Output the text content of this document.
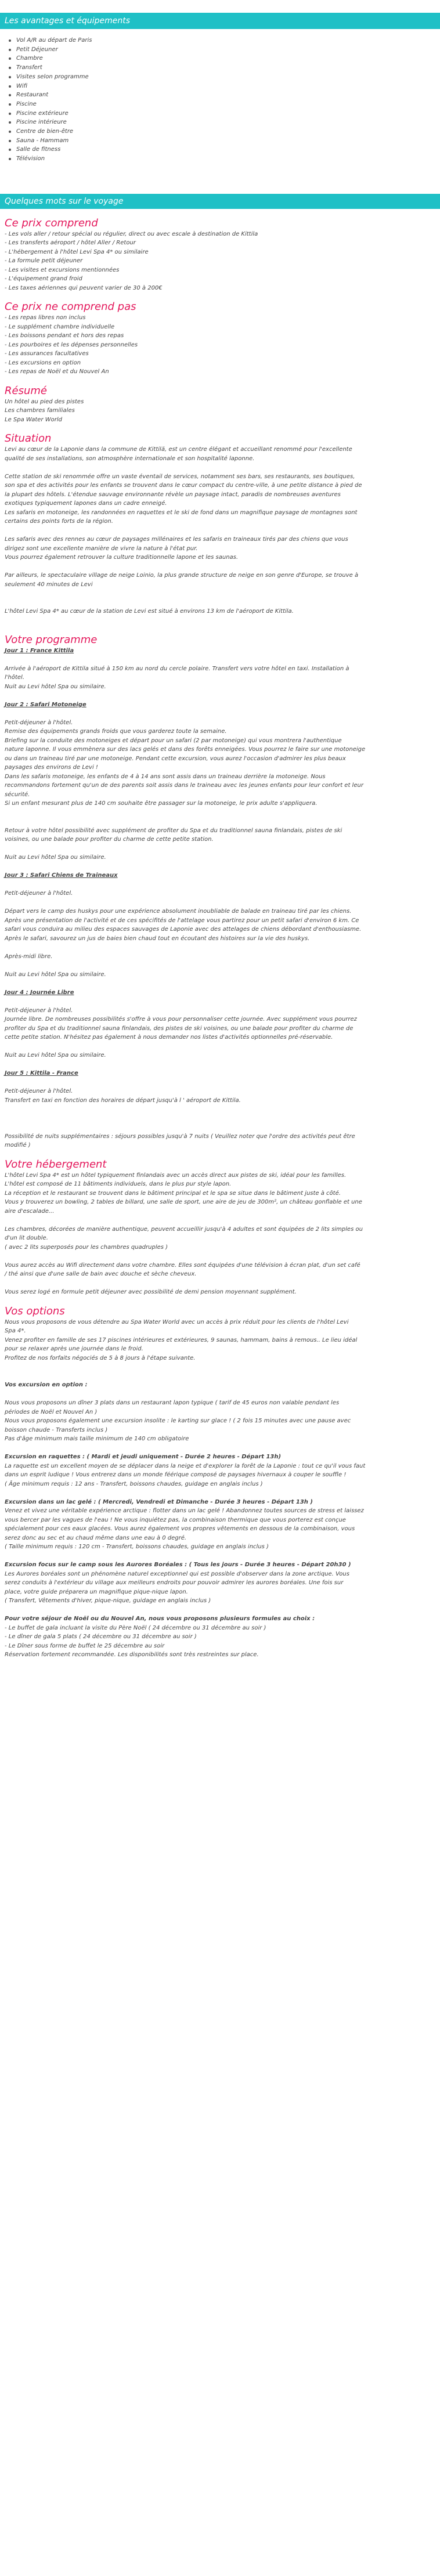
Les avantages et équipements
Vol A/R au départ de Paris
Petit Déjeuner
Chambre
Transfert
Visites selon programme
Wifi
Restaurant
Piscine
Piscine extérieure
Piscine intérieure
Centre de bien-être
Sauna - Hammam
Salle de fitness
Télévision
Quelques mots sur le voyage
Ce prix comprend

- Les vols aller / retour spécial ou régulier, direct ou avec escale à destination de Kittila

- Les transferts aéroport / hôtel Aller / Retour

- L'hébergement à l'hôtel Levi Spa 4* ou similaire

- La formule petit déjeuner

- Les visites et excursions mentionnées

- L'équipement grand froid

- Les taxes aériennes qui peuvent varier de 30 à 200€

Ce prix ne comprend pas

- Les repas libres non inclus

- Le supplément chambre individuelle

- Les boissons pendant et hors des repas

- Les pourboires et les dépenses personnelles

- Les assurances facultatives

- Les excursions en option

- Les repas de Noël et du Nouvel An

Résumé

Un hôtel au pied des pistes

Les chambres familiales

Le Spa Water World

Situation

Levi au cœur de la Laponie dans la commune de Kittilä, est un centre élégant et accueillant renommé pour l'excellente

qualité de ses installations, son atmosphère internationale et son hospitalité laponne.

Cette station de ski renommée offre un vaste éventail de services, notamment ses bars, ses restaurants, ses boutiques,

son spa et des activités pour les enfants se trouvent dans le cœur compact du centre-ville, à une petite distance à pied de

la plupart des hôtels. L'étendue sauvage environnante révèle un paysage intact, paradis de nombreuses aventures

exotiques typiquement lapones dans un cadre enneigé.

Les safaris en motoneige, les randonnées en raquettes et le ski de fond dans un magnifique paysage de montagnes sont

certains des points forts de la région.

Les safaris avec des rennes au cœur de paysages millénaires et les safaris en traineaux tirés par des chiens que vous

dirigez sont une excellente manière de vivre la nature à l'état pur.

Vous pourrez également retrouver la culture traditionnelle lapone et les saunas.

Par ailleurs, le spectaculaire village de neige Loinio, la plus grande structure de neige en son genre d'Europe, se trouve à

seulement 40 minutes de Levi

L'hôtel Levi Spa 4* au cœur de la station de Levi est situé à environs 13 km de l'aéroport de Kittila.

Votre programme

Jour 1 : France Kittila

Arrivée à l'aéroport de Kittila situé à 150 km au nord du cercle polaire. Transfert vers votre hôtel en taxi. Installation à

l'hôtel.

Nuit au Levi hôtel Spa ou similaire.

Jour 2 : Safari Motoneige

Petit-déjeuner à l'hôtel.

Remise des équipements grands froids que vous garderez toute la semaine.

Briefing sur la conduite des motoneiges et départ pour un safari (2 par motoneige) qui vous montrera l'authentique

nature laponne. Il vous emmènera sur des lacs gelés et dans des forêts enneigées. Vous pourrez le faire sur une motoneige

ou dans un traineau tiré par une motoneige. Pendant cette excursion, vous aurez l'occasion d'admirer les plus beaux

paysages des environs de Levi !

Dans les safaris motoneige, les enfants de 4 à 14 ans sont assis dans un traineau derrière la motoneige. Nous

recommandons fortement qu'un de des parents soit assis dans le traineau avec les jeunes enfants pour leur confort et leur

sécurité.

Si un enfant mesurant plus de 140 cm souhaite être passager sur la motoneige, le prix adulte s'appliquera.

Retour à votre hôtel possibilité avec supplément de profiter du Spa et du traditionnel sauna finlandais, pistes de ski

voisines, ou une balade pour profiter du charme de cette petite station.

Nuit au Levi hôtel Spa ou similaire.

Jour 3 : Safari Chiens de Traineaux

Petit-déjeuner à l'hôtel.

Départ vers le camp des huskys pour une expérience absolument inoubliable de balade en traineau tiré par les chiens.

Après une présentation de l'activité et de ces spécifités de l'attelage vous partirez pour un petit safari d'environ 6 km. Ce

safari vous conduira au milieu des espaces sauvages de Laponie avec des attelages de chiens débordant d'enthousiasme.

Après le safari, savourez un jus de baies bien chaud tout en écoutant des histoires sur la vie des huskys.

Après-midi libre.

Nuit au Levi hôtel Spa ou similaire.

Jour 4 : Journée Libre

Petit-déjeuner à l'hôtel.

Journée libre. De nombreuses possibilités s'offre à vous pour personnaliser cette journée. Avec supplément vous pourrez

profiter du Spa et du traditionnel sauna finlandais, des pistes de ski voisines, ou une balade pour profiter du charme de

cette petite station. N'hésitez pas également à nous demander nos listes d'activités optionnelles pré-réservable.

Nuit au Levi hôtel Spa ou similaire.

Jour 5 : Kittila - France

Petit-déjeuner à l'hôtel.

Transfert en taxi en fonction des horaires de départ jusqu'à l ' aéroport de Kittila.

Possibilité de nuits supplémentaires : séjours possibles jusqu'à 7 nuits ( Veuillez noter que l'ordre des activités peut être

modifié )

Votre hébergement

L'hôtel Levi Spa 4* est un hôtel typiquement finlandais avec un accès direct aux pistes de ski, idéal pour les familles.

L'hôtel est composé de 11 bâtiments individuels, dans le plus pur style lapon.

La réception et le restaurant se trouvent dans le bâtiment principal et le spa se situe dans le bâtiment juste à côté.

Vous y trouverez un bowling, 2 tables de billard, une salle de sport, une aire de jeu de 300m², un château gonflable et une

aire d'escalade...

Les chambres, décorées de manière authentique, peuvent accueillir jusqu'à 4 adultes et sont équipées de 2 lits simples ou

d'un lit double.

( avec 2 lits superposés pour les chambres quadruples )

Vous aurez accès au Wifi directement dans votre chambre. Elles sont équipées d'une télévision à écran plat, d'un set café

/ thé ainsi que d'une salle de bain avec douche et sèche cheveux.

Vous serez logé en formule petit déjeuner avec possibilité de demi pension moyennant supplément.

Vos options

Nous vous proposons de vous détendre au Spa Water World avec un accès à prix réduit pour les clients de l'hôtel Levi

Spa 4*.

Venez profiter en famille de ses 17 piscines intérieures et extérieures, 9 saunas, hammam, bains à remous.. Le lieu idéal

pour se relaxer après une journée dans le froid.

Profitez de nos forfaits négociés de 5 à 8 jours à l'étape suivante.

Vos excursion en option :

Nous vous proposons un dîner 3 plats dans un restaurant lapon typique ( tarif de 45 euros non valable pendant les

périodes de Noël et Nouvel An )

Nous vous proposons également une excursion insolite : le karting sur glace ! ( 2 fois 15 minutes avec une pause avec

boisson chaude - Transferts inclus )

Pas d'âge minimum mais taille minimum de 140 cm obligatoire

Excursion en raquettes : ( Mardi et jeudi uniquement - Durée 2 heures - Départ 13h)

La raquette est un excellent moyen de se déplacer dans la neige et d'explorer la forêt de la Laponie : tout ce qu'il vous faut

dans un esprit ludique ! Vous entrerez dans un monde féérique composé de paysages hivernaux à couper le souffle !

( Âge minimum requis : 12 ans - Transfert, boissons chaudes, guidage en anglais inclus )

Excursion dans un lac gelé : ( Mercredi, Vendredi et Dimanche - Durée 3 heures - Départ 13h )

Venez et vivez une véritable expérience arctique : flotter dans un lac gelé ! Abandonnez toutes sources de stress et laissez

vous bercer par les vagues de l'eau ! Ne vous inquiétez pas, la combinaison thermique que vous porterez est conçue

spécialement pour ces eaux glacées. Vous aurez également vos propres vêtements en dessous de la combinaison, vous

serez donc au sec et au chaud même dans une eau à 0 degré.

( Taille minimum requis : 120 cm - Transfert, boissons chaudes, guidage en anglais inclus )

Excursion focus sur le camp sous les Aurores Boréales : ( Tous les jours - Durée 3 heures - Départ 20h30 )

Les Aurores boréales sont un phénomène naturel exceptionnel qui est possible d'observer dans la zone arctique. Vous

serez conduits à l'extérieur du village aux meilleurs endroits pour pouvoir admirer les aurores boréales. Une fois sur

place, votre guide préparera un magnifique pique-nique lapon.

( Transfert, Vêtements d'hiver, pique-nique, guidage en anglais inclus )

Pour votre séjour de Noël ou du Nouvel An, nous vous proposons plusieurs formules au choix :

- Le buffet de gala incluant la visite du Père Noël ( 24 décembre ou 31 décembre au soir )

- Le dîner de gala 5 plats ( 24 décembre ou 31 décembre au soir )

- Le Dîner sous forme de buffet le 25 décembre au soir

Réservation fortement recommandée. Les disponibilités sont très restreintes sur place.
